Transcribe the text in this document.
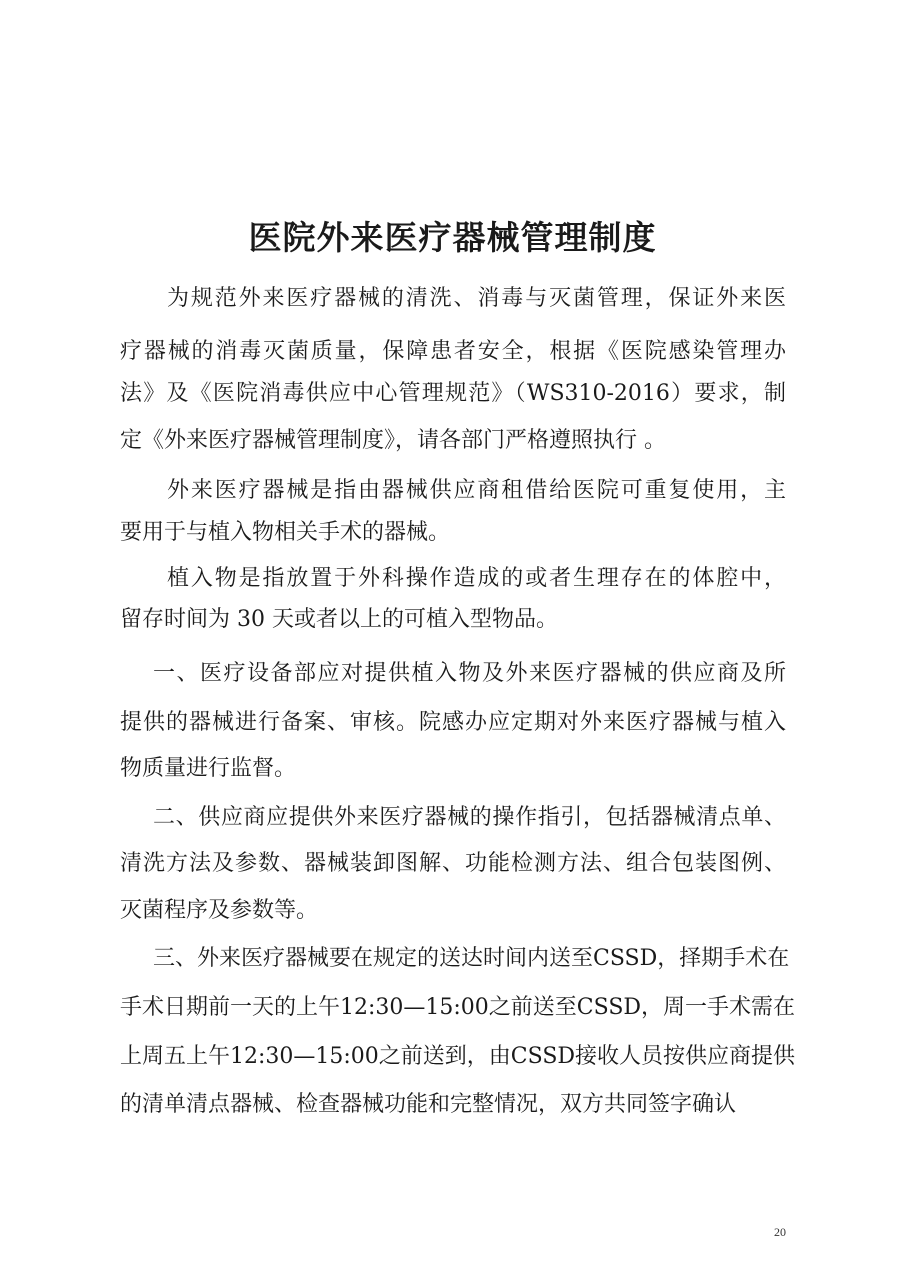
医院外来医疗器械管理制度
为规范外来医疗器械的清洗、消毒与灭菌管理，保证外来医
疗器械的消毒灭菌质量，保障患者安全，根据《医院感染管理办
法》及《医院消毒供应中心管理规范》（WS310-2016）要求，制
定《外来医疗器械管理制度》，请各部门严格遵照执行 。
外来医疗器械是指由器械供应商租借给医院可重复使用，主
要用于与植入物相关手术的器械。
植入物是指放置于外科操作造成的或者生理存在的体腔中，
留存时间为 30 天或者以上的可植入型物品。
一、医疗设备部应对提供植入物及外来医疗器械的供应商及所
提供的器械进行备案、审核。院感办应定期对外来医疗器械与植入
物质量进行监督。
二、供应商应提供外来医疗器械的操作指引，包括器械清点单、
清洗方法及参数、器械装卸图解、功能检测方法、组合包装图例、
灭菌程序及参数等。
三、外来医疗器械要在规定的送达时间内送至CSSD，择期手术在
手术日期前一天的上午12:30—15:00之前送至CSSD，周一手术需在
上周五上午12:30—15:00之前送到，由CSSD接收人员按供应商提供
的清单清点器械、检查器械功能和完整情况，双方共同签字确认
20
